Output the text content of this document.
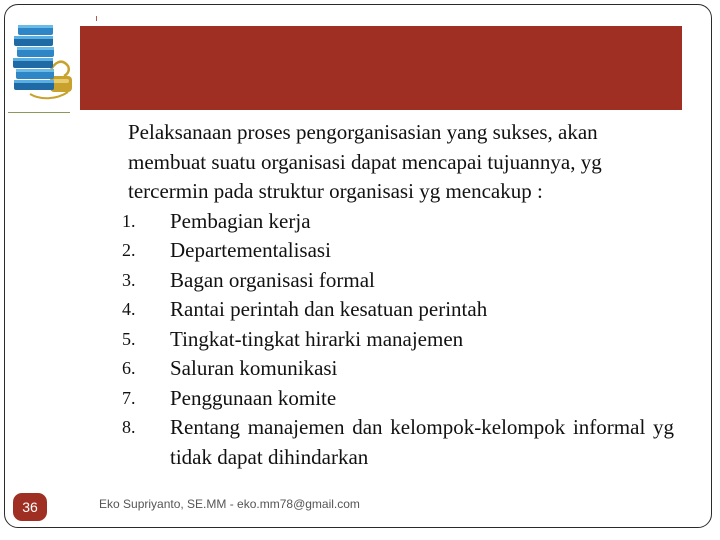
Pelaksanaan proses pengorganisasian yang sukses, akan membuat suatu organisasi dapat mencapai tujuannya, yg tercermin pada struktur organisasi yg mencakup :

1.	Pembagian kerja
2.	Departementalisasi
3.	Bagan organisasi formal
4.	Rantai perintah dan kesatuan perintah
5.	Tingkat-tingkat hirarki manajemen
6.	Saluran komunikasi
7.	Penggunaan komite
8.	Rentang manajemen dan kelompok-kelompok informal yg tidak dapat dihindarkan
36	Eko Supriyanto, SE.MM - eko.mm78@gmail.com
